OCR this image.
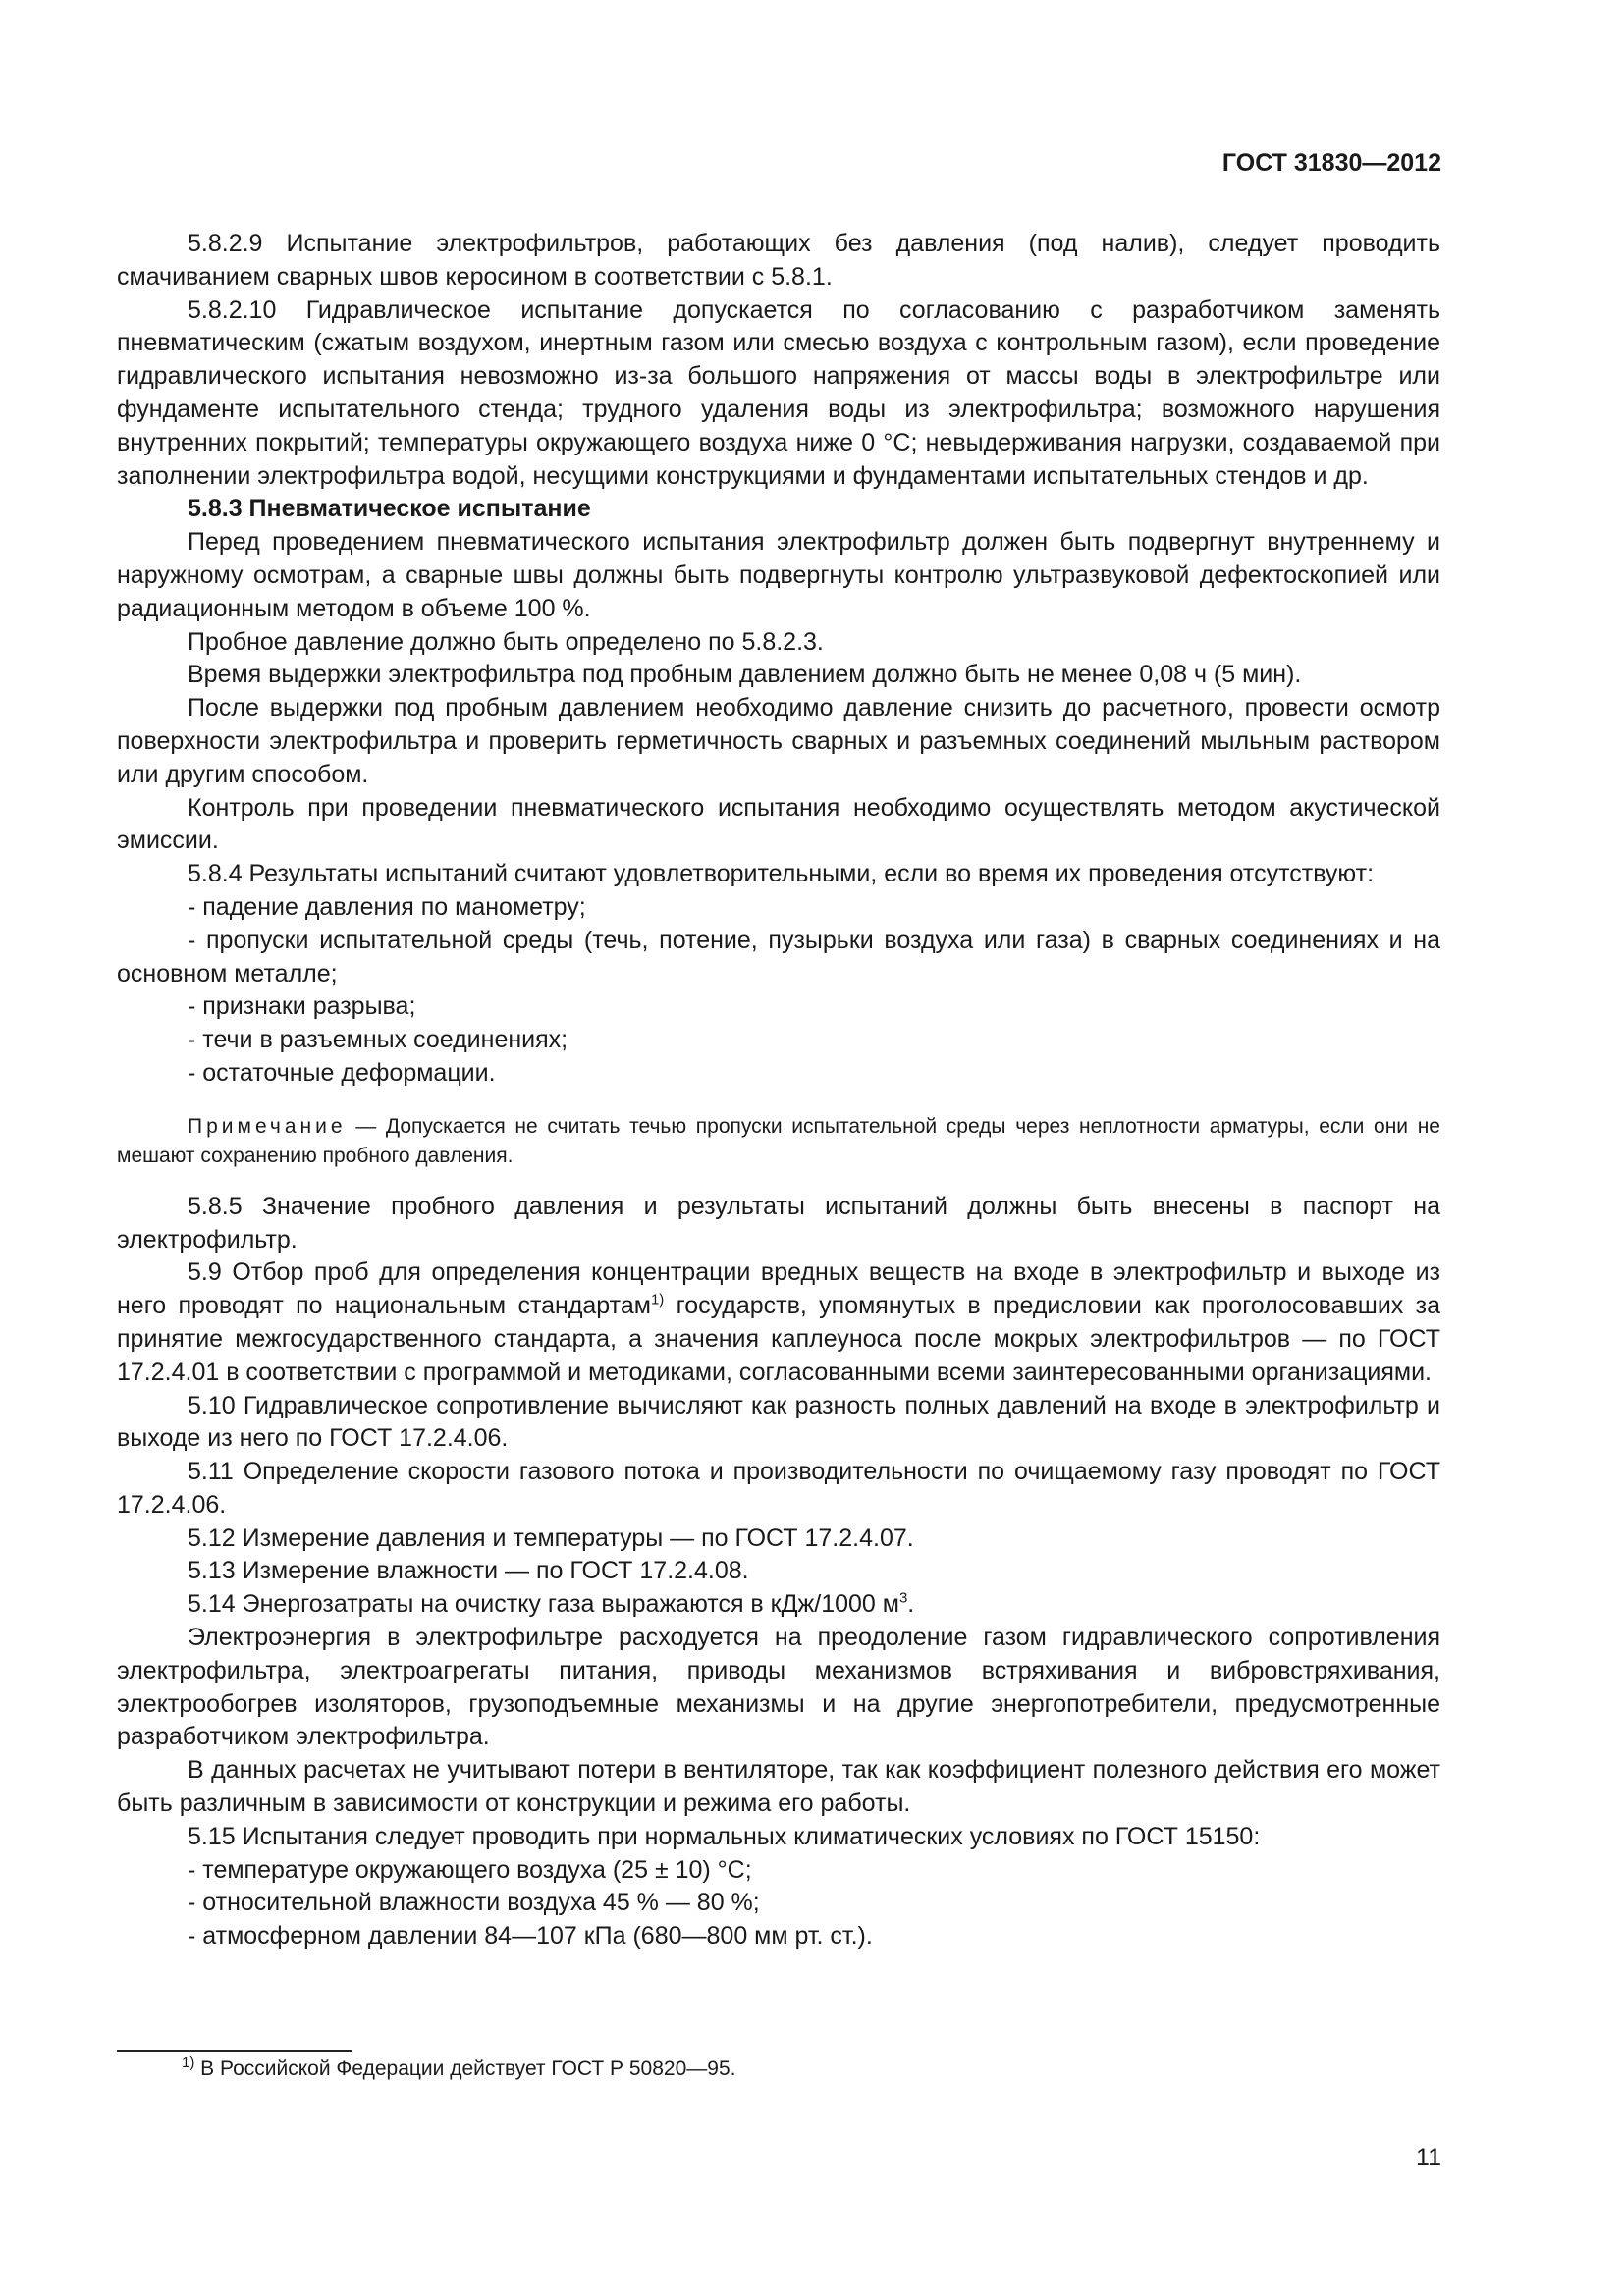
ГОСТ 31830—2012

5.8.2.9 Испытание электрофильтров, работающих без давления (под налив), следует проводить смачиванием сварных швов керосином в соответствии с 5.8.1.

5.8.2.10 Гидравлическое испытание допускается по согласованию с разработчиком заменять пневматическим (сжатым воздухом, инертным газом или смесью воздуха с контрольным газом), если проведение гидравлического испытания невозможно из-за большого напряжения от массы воды в электрофильтре или фундаменте испытательного стенда; трудного удаления воды из электрофильтра; возможного нарушения внутренних покрытий; температуры окружающего воздуха ниже 0 °С; невыдерживания нагрузки, создаваемой при заполнении электрофильтра водой, несущими конструкциями и фундаментами испытательных стендов и др.

5.8.3 Пневматическое испытание

Перед проведением пневматического испытания электрофильтр должен быть подвергнут внутреннему и наружному осмотрам, а сварные швы должны быть подвергнуты контролю ультразвуковой дефектоскопией или радиационным методом в объеме 100 %.

Пробное давление должно быть определено по 5.8.2.3.

Время выдержки электрофильтра под пробным давлением должно быть не менее 0,08 ч (5 мин).

После выдержки под пробным давлением необходимо давление снизить до расчетного, провести осмотр поверхности электрофильтра и проверить герметичность сварных и разъемных соединений мыльным раствором или другим способом.

Контроль при проведении пневматического испытания необходимо осуществлять методом акустической эмиссии.

5.8.4 Результаты испытаний считают удовлетворительными, если во время их проведения отсутствуют:

- падение давления по манометру;

- пропуски испытательной среды (течь, потение, пузырьки воздуха или газа) в сварных соединениях и на основном металле;

- признаки разрыва;

- течи в разъемных соединениях;

- остаточные деформации.

Примечание — Допускается не считать течью пропуски испытательной среды через неплотности арматуры, если они не мешают сохранению пробного давления.

5.8.5 Значение пробного давления и результаты испытаний должны быть внесены в паспорт на электрофильтр.

5.9 Отбор проб для определения концентрации вредных веществ на входе в электрофильтр и выходе из него проводят по национальным стандартам$^{1)}$ государств, упомянутых в предисловии как проголосовавших за принятие межгосударственного стандарта, а значения каплеуноса после мокрых электрофильтров — по ГОСТ 17.2.4.01 в соответствии с программой и методиками, согласованными всеми заинтересованными организациями.

5.10 Гидравлическое сопротивление вычисляют как разность полных давлений на входе в электрофильтр и выходе из него по ГОСТ 17.2.4.06.

5.11 Определение скорости газового потока и производительности по очищаемому газу проводят по ГОСТ 17.2.4.06.

5.12 Измерение давления и температуры — по ГОСТ 17.2.4.07.

5.13 Измерение влажности — по ГОСТ 17.2.4.08.

5.14 Энергозатраты на очистку газа выражаются в кДж/1000 $м^3$.

Электроэнергия в электрофильтре расходуется на преодоление газом гидравлического сопротивления электрофильтра, электроагрегаты питания, приводы механизмов встряхивания и вибровстряхивания, электрообогрев изоляторов, грузоподъемные механизмы и на другие энергопотребители, предусмотренные разработчиком электрофильтра.

В данных расчетах не учитывают потери в вентиляторе, так как коэффициент полезного действия его может быть различным в зависимости от конструкции и режима его работы.

5.15 Испытания следует проводить при нормальных климатических условиях по ГОСТ 15150:

- температуре окружающего воздуха (25 ± 10) °С;

- относительной влажности воздуха 45 % — 80 %;

- атмосферном давлении 84—107 кПа (680—800 мм рт. ст.).

$^{1)}$ В Российской Федерации действует ГОСТ Р 50820—95.
11
